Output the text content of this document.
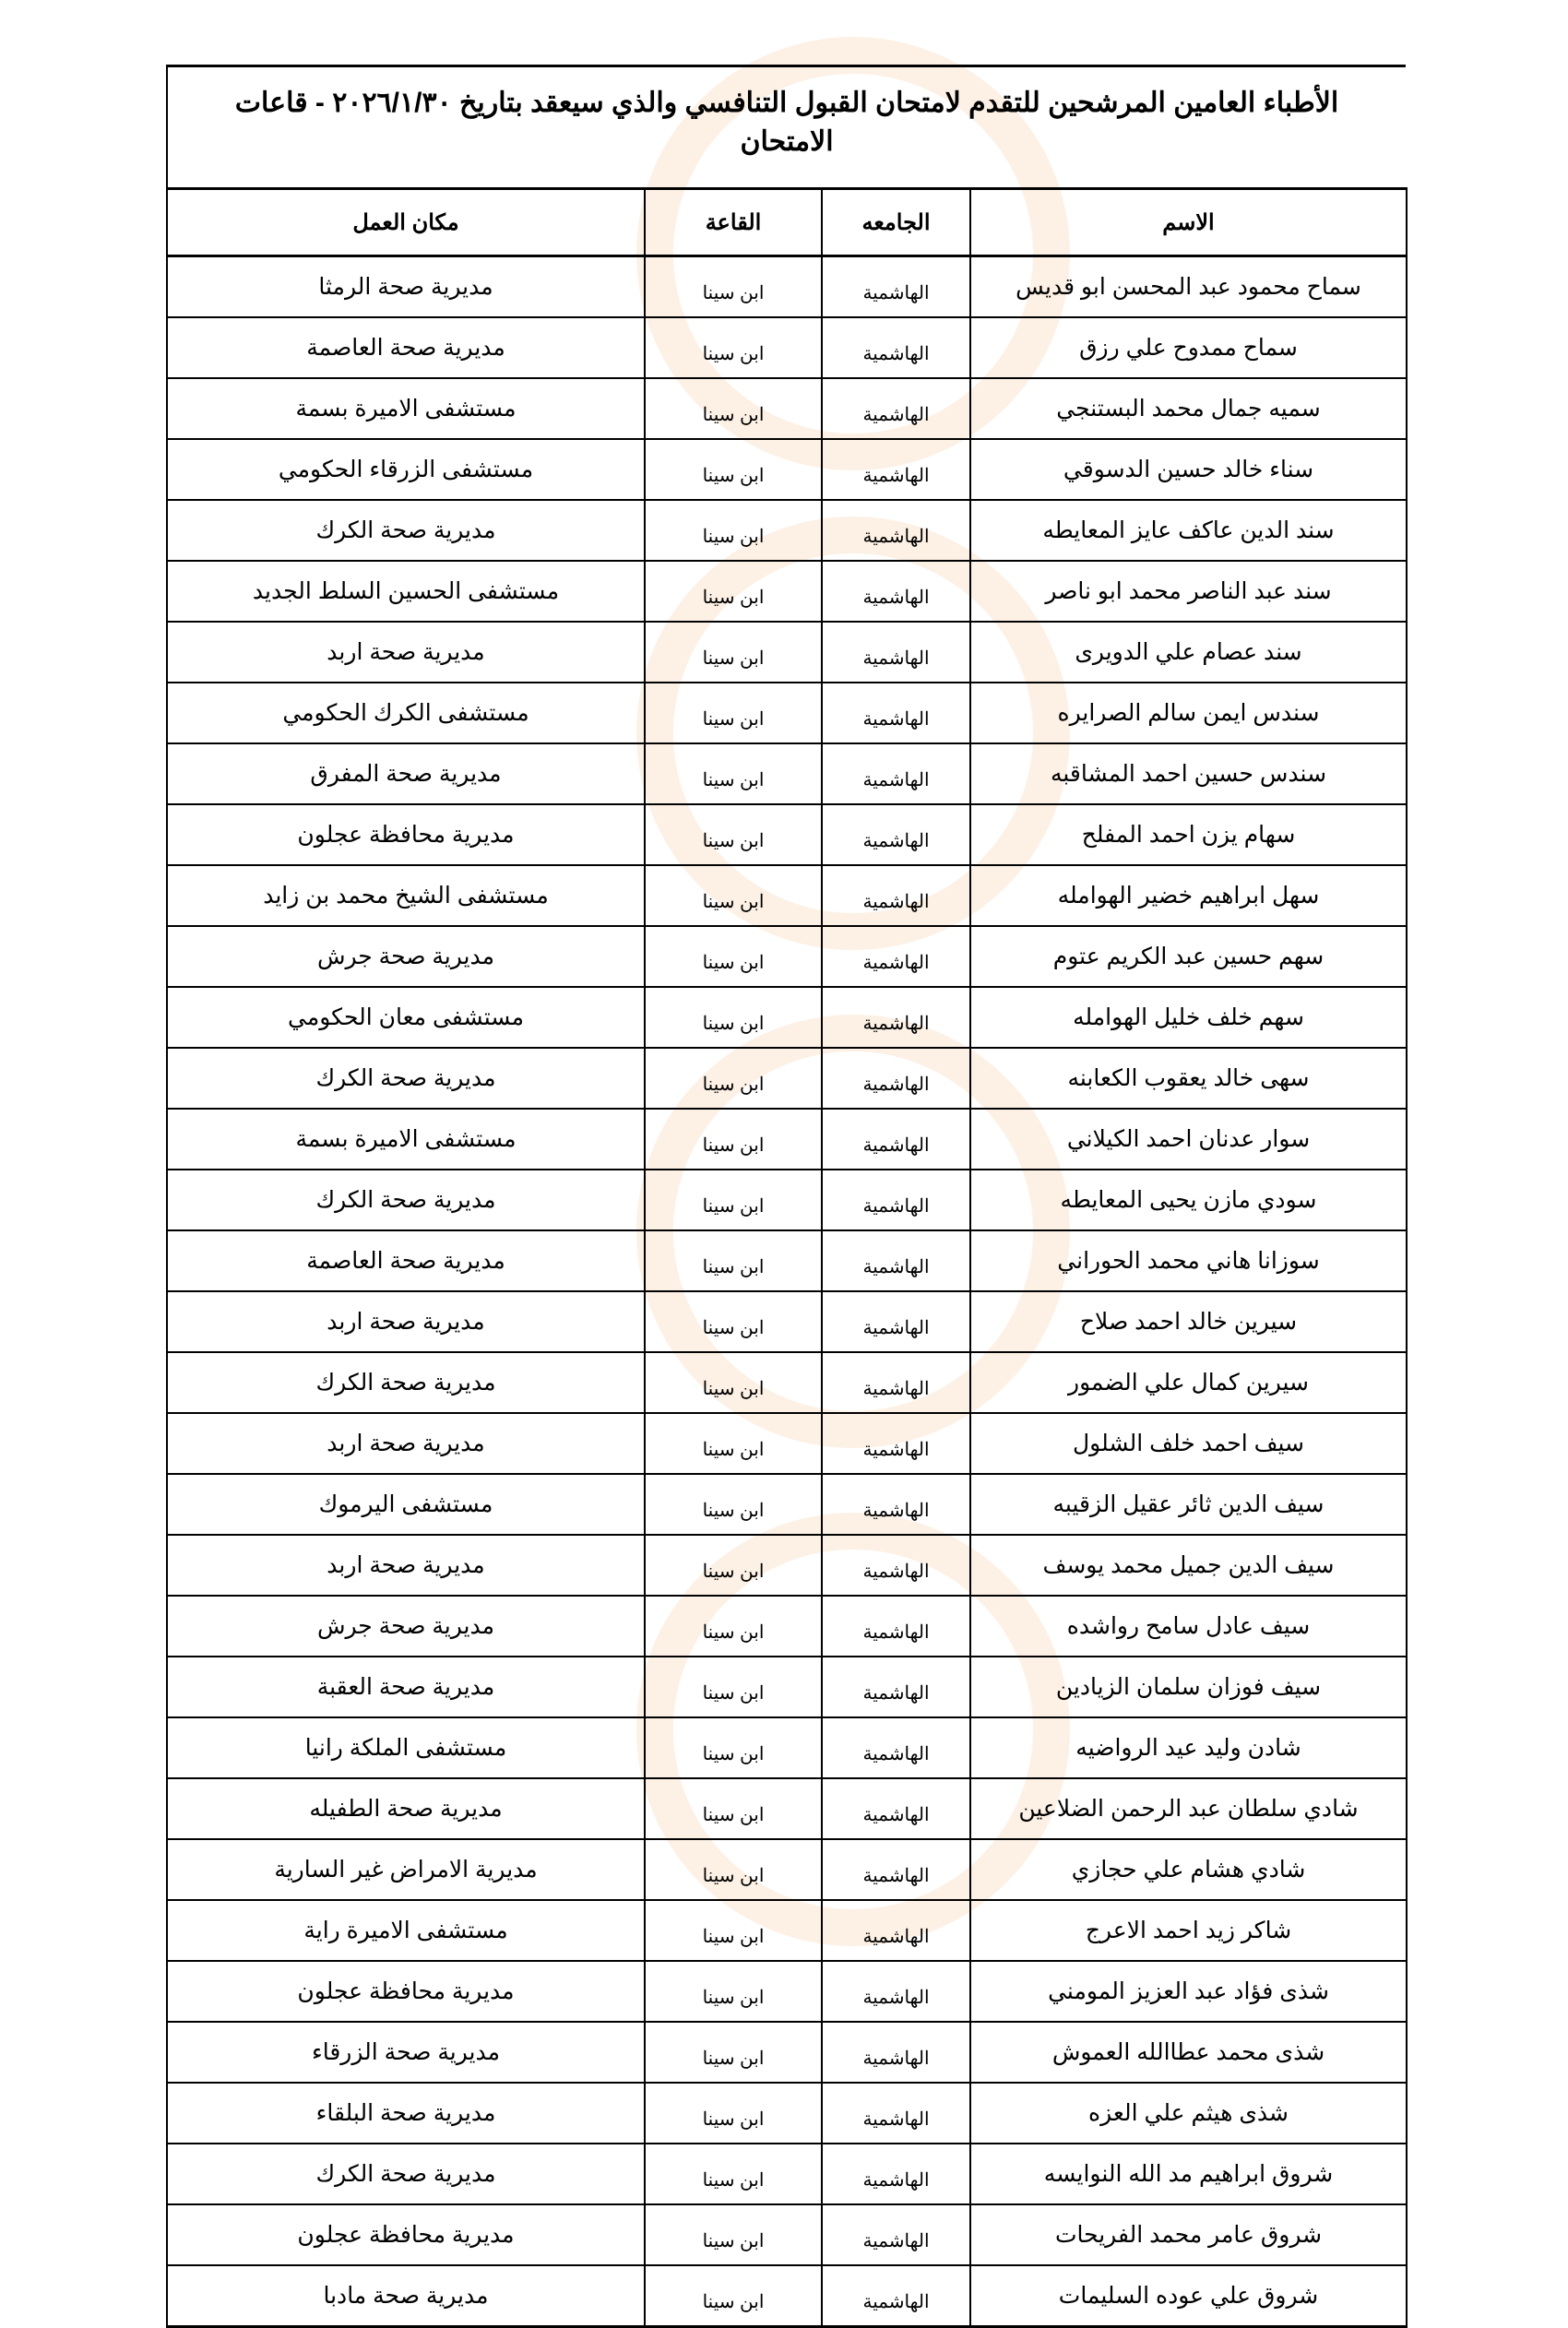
الأطباء العامين المرشحين للتقدم لامتحان القبول التنافسي والذي سيعقد بتاريخ ٢٠٢٦/١/٣٠ - قاعات الامتحان
الاسم	الجامعه	القاعة	مكان العمل
سماح محمود عبد المحسن ابو قديس	الهاشمية	ابن سينا	مديرية صحة الرمثا
سماح ممدوح علي رزق	الهاشمية	ابن سينا	مديرية صحة العاصمة
سميه جمال محمد البستنجي	الهاشمية	ابن سينا	مستشفى الاميرة بسمة
سناء خالد حسين الدسوقي	الهاشمية	ابن سينا	مستشفى الزرقاء الحكومي
سند الدين عاكف عايز المعايطه	الهاشمية	ابن سينا	مديرية صحة الكرك
سند عبد الناصر محمد ابو ناصر	الهاشمية	ابن سينا	مستشفى الحسين السلط الجديد
سند عصام علي الدويرى	الهاشمية	ابن سينا	مديرية صحة اربد
سندس ايمن سالم الصرايره	الهاشمية	ابن سينا	مستشفى الكرك الحكومي
سندس حسين احمد المشاقبه	الهاشمية	ابن سينا	مديرية صحة المفرق
سهام يزن احمد المفلح	الهاشمية	ابن سينا	مديرية محافظة عجلون
سهل ابراهيم خضير الهوامله	الهاشمية	ابن سينا	مستشفى الشيخ محمد بن زايد
سهم حسين عبد الكريم عتوم	الهاشمية	ابن سينا	مديرية صحة جرش
سهم خلف خليل الهوامله	الهاشمية	ابن سينا	مستشفى معان الحكومي
سهى خالد يعقوب الكعابنه	الهاشمية	ابن سينا	مديرية صحة الكرك
سوار عدنان احمد الكيلاني	الهاشمية	ابن سينا	مستشفى الاميرة بسمة
سودي مازن يحيى المعايطه	الهاشمية	ابن سينا	مديرية صحة الكرك
سوزانا هاني محمد الحوراني	الهاشمية	ابن سينا	مديرية صحة العاصمة
سيرين خالد احمد صلاح	الهاشمية	ابن سينا	مديرية صحة اربد
سيرين كمال علي الضمور	الهاشمية	ابن سينا	مديرية صحة الكرك
سيف احمد خلف الشلول	الهاشمية	ابن سينا	مديرية صحة اربد
سيف الدين ثائر عقيل الزقيبه	الهاشمية	ابن سينا	مستشفى اليرموك
سيف الدين جميل محمد يوسف	الهاشمية	ابن سينا	مديرية صحة اربد
سيف عادل سامح رواشده	الهاشمية	ابن سينا	مديرية صحة جرش
سيف فوزان سلمان الزيادين	الهاشمية	ابن سينا	مديرية صحة العقبة
شادن وليد عيد الرواضيه	الهاشمية	ابن سينا	مستشفى الملكة رانيا
شادي سلطان عبد الرحمن الضلاعين	الهاشمية	ابن سينا	مديرية صحة الطفيله
شادي هشام علي حجازي	الهاشمية	ابن سينا	مديرية الامراض غير السارية
شاكر زيد احمد الاعرج	الهاشمية	ابن سينا	مستشفى الاميرة راية
شذى فؤاد عبد العزيز المومني	الهاشمية	ابن سينا	مديرية محافظة عجلون
شذى محمد عطاالله العموش	الهاشمية	ابن سينا	مديرية صحة الزرقاء
شذى هيثم علي العزه	الهاشمية	ابن سينا	مديرية صحة البلقاء
شروق ابراهيم مد الله النوايسه	الهاشمية	ابن سينا	مديرية صحة الكرك
شروق عامر محمد الفريحات	الهاشمية	ابن سينا	مديرية محافظة عجلون
شروق علي عوده السليمات	الهاشمية	ابن سينا	مديرية صحة مادبا
